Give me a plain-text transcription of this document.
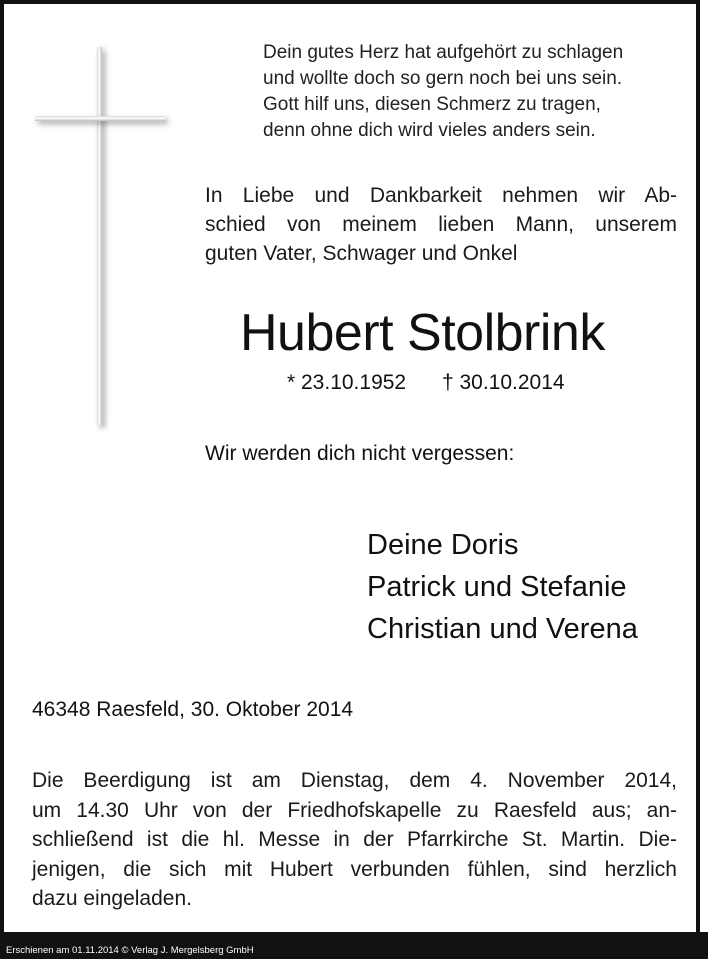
Dein gutes Herz hat aufgehört zu schlagen
und wollte doch so gern noch bei uns sein.
Gott hilf uns, diesen Schmerz zu tragen,
denn ohne dich wird vieles anders sein.
In Liebe und Dankbarkeit nehmen wir Ab-
schied von meinem lieben Mann, unserem
guten Vater, Schwager und Onkel
Hubert Stolbrink
* 23.10.1952 † 30.10.2014
Wir werden dich nicht vergessen:
Deine Doris
Patrick und Stefanie
Christian und Verena
46348 Raesfeld, 30. Oktober 2014
Die Beerdigung ist am Dienstag, dem 4. November 2014,
um 14.30 Uhr von der Friedhofskapelle zu Raesfeld aus; an-
schließend ist die hl. Messe in der Pfarrkirche St. Martin. Die-
jenigen, die sich mit Hubert verbunden fühlen, sind herzlich
dazu eingeladen.
Erschienen am 01.11.2014 © Verlag J. Mergelsberg GmbH
